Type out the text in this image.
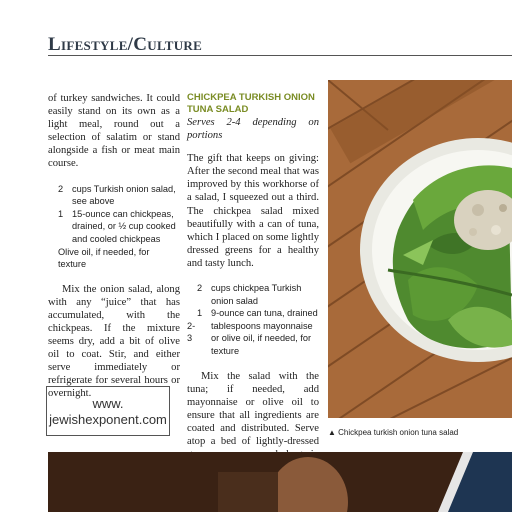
Lifestyle/Culture

of turkey sandwiches. It could easily stand on its own as a light meal, round out a selection of salatim or stand alongside a fish or meat main course.

2 cups Turkish onion salad, see above
1 15-ounce can chickpeas, drained, or ½ cup cooked and cooled chickpeas
Olive oil, if needed, for texture

Mix the onion salad, along with any “juice” that has accumulated, with the chickpeas. If the mixture seems dry, add a bit of olive oil to coat. Stir, and either serve immediately or refrigerate for several hours or overnight.

www.
jewishexponent.com
CHICKPEA TURKISH ONION TUNA SALAD

Serves 2-4 depending on portions

The gift that keeps on giving: After the second meal that was improved by this workhorse of a salad, I squeezed out a third. The chickpea salad mixed beautifully with a can of tuna, which I placed on some lightly dressed greens for a healthy and tasty lunch.

2 cups chickpea Turkish onion salad
1 9-ounce can tuna, drained
2-3
tablespoons mayonnaise or olive oil, if needed, for texture

Mix the salad with the tuna; if needed, add mayonnaise or olive oil to ensure that all ingredients are coated and distributed. Serve atop a bed of lightly-dressed

▲ Chickpea turkish onion tuna salad
